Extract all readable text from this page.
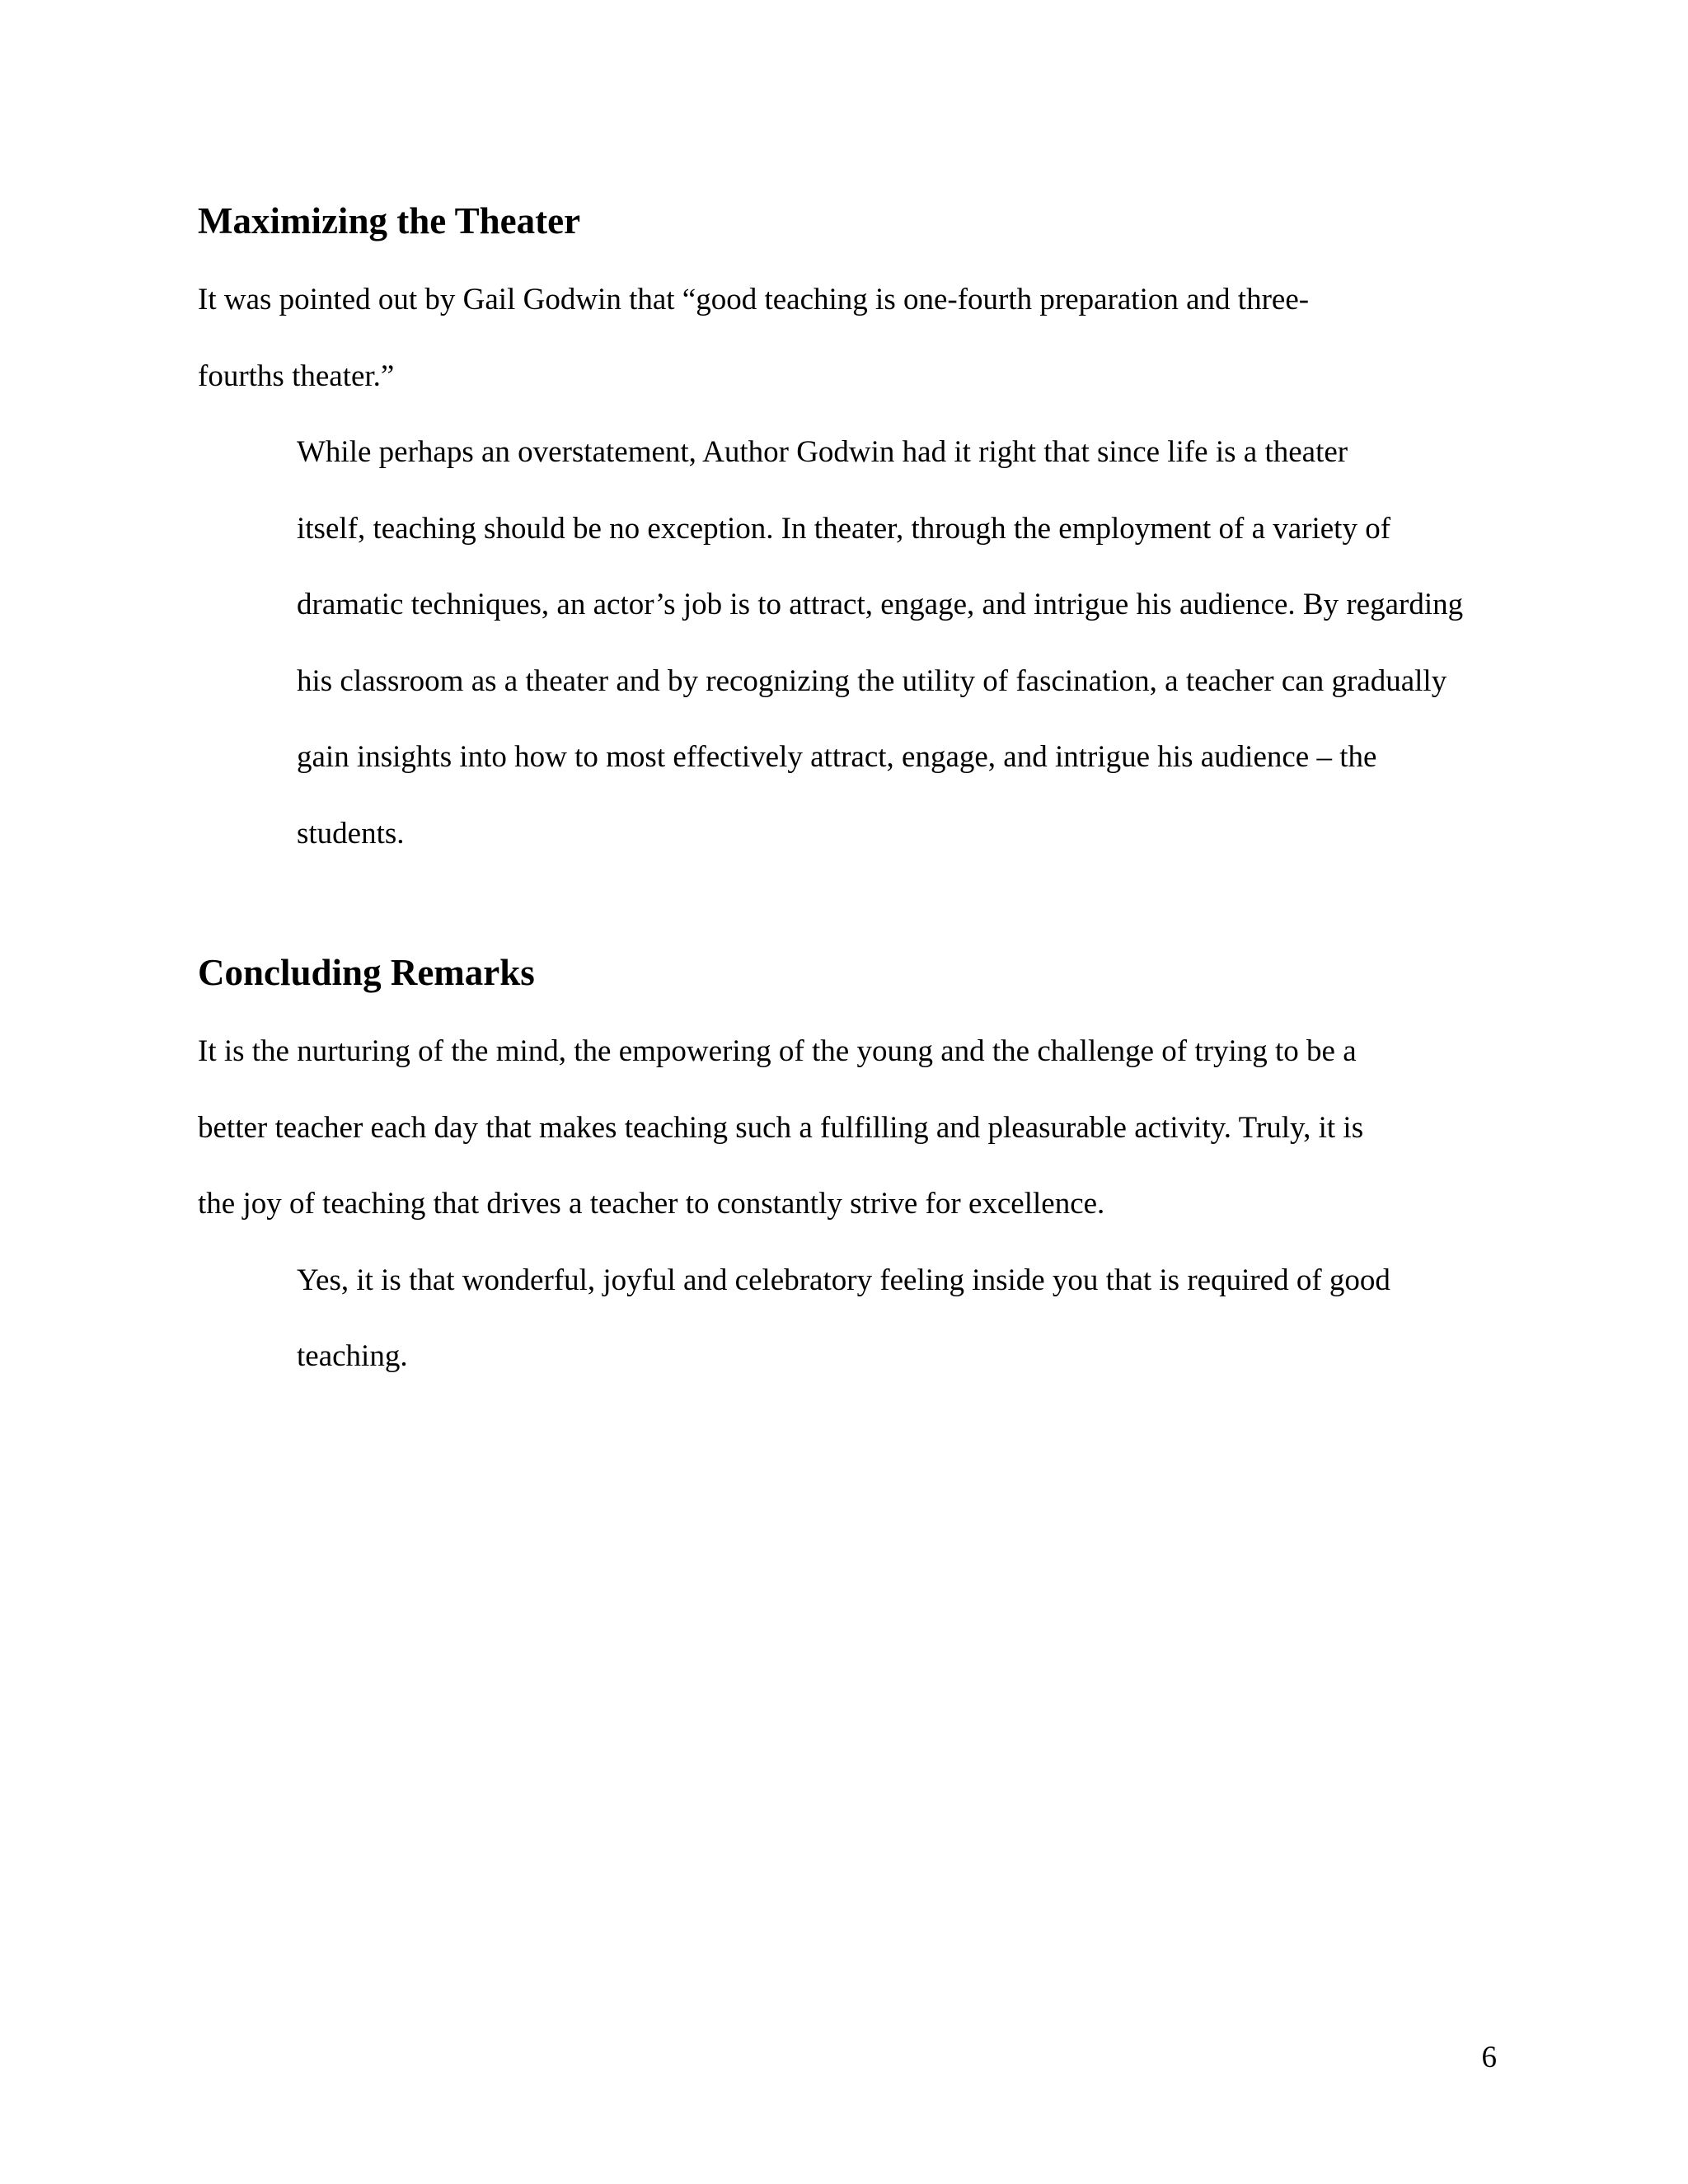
Maximizing the Theater

It was pointed out by Gail Godwin that “good teaching is one-fourth preparation and three-
fourths theater.”

While perhaps an overstatement, Author Godwin had it right that since life is a theater
itself, teaching should be no exception. In theater, through the employment of a variety of
dramatic techniques, an actor’s job is to attract, engage, and intrigue his audience. By regarding
his classroom as a theater and by recognizing the utility of fascination, a teacher can gradually
gain insights into how to most effectively attract, engage, and intrigue his audience – the
students.

Concluding Remarks

It is the nurturing of the mind, the empowering of the young and the challenge of trying to be a
better teacher each day that makes teaching such a fulfilling and pleasurable activity. Truly, it is
the joy of teaching that drives a teacher to constantly strive for excellence.

Yes, it is that wonderful, joyful and celebratory feeling inside you that is required of good
teaching.

6
